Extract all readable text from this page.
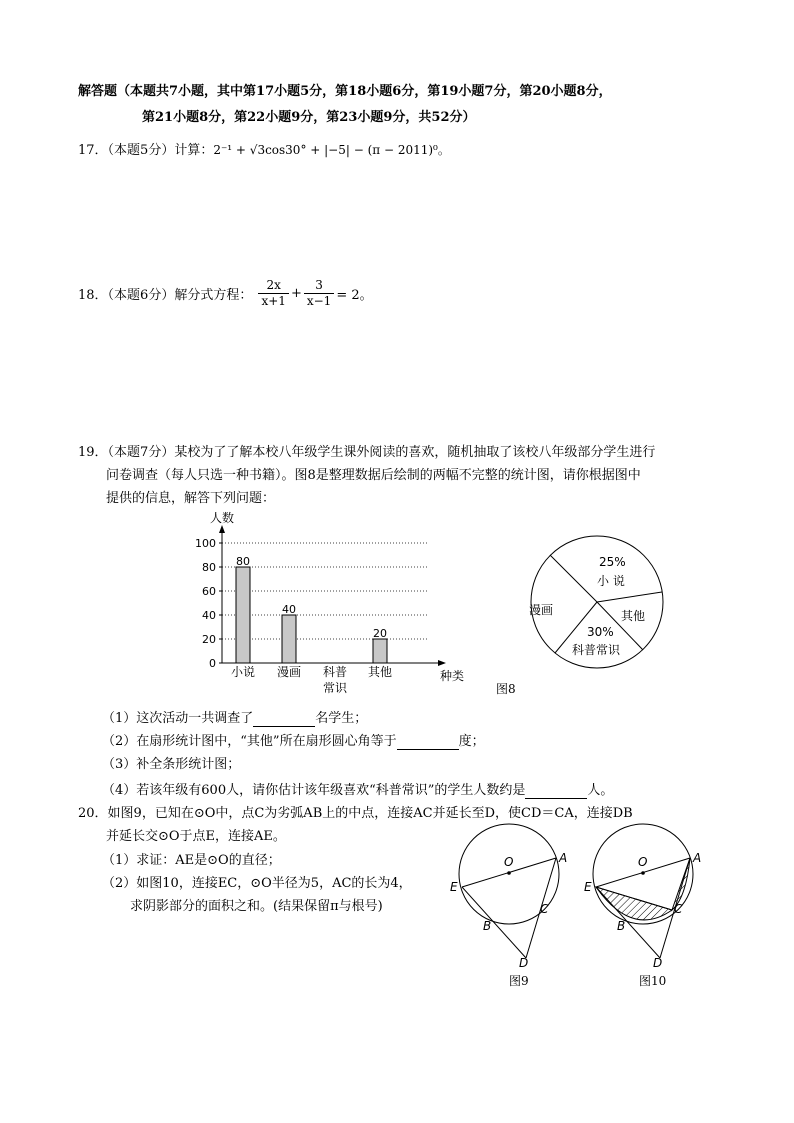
解答题（本题共7小题，其中第17小题5分，第18小题6分，第19小题7分，第20小题8分，
第21小题8分，第22小题9分，第23小题9分，共52分）
17．（本题5分）计算：2⁻¹ + √3cos30° + |−5| − (π − 2011)⁰。
18．（本题6分）解分式方程： $\frac{2x}{x+1} + \frac{3}{x-1} = 2$。
19．（本题7分）某校为了了解本校八年级学生课外阅读的喜欢，随机抽取了该校八年级部分学生进行
问卷调查（每人只选一种书籍）。图8是整理数据后绘制的两幅不完整的统计图，请你根据图中
提供的信息，解答下列问题：
人数
0
20
40
60
80
100
80
40
20
小说 漫画 科普
常识
其他	种类
图8
25%
小 说
其他
30%
科普常识
漫画
（1）这次活动一共调查了	名学生；
（2）在扇形统计图中，“其他”所在扇形圆心角等于	度；
（3）补全条形统计图；
（4）若该年级有600人，请你估计该年级喜欢“科普常识”的学生人数约是	人。
20．如图9，已知在⊙O中，点C为劣弧AB上的中点，连接AC并延长至D，使CD＝CA，连接DB
并延长交⊙O于点E，连接AE。
（1）求证：AE是⊙O的直径；
（2）如图10，连接EC，⊙O半径为5，AC的长为4，
求阴影部分的面积之和。(结果保留π与根号)
O	A
E
B
C
D
图9
O	A
E
B
C
D
图10
